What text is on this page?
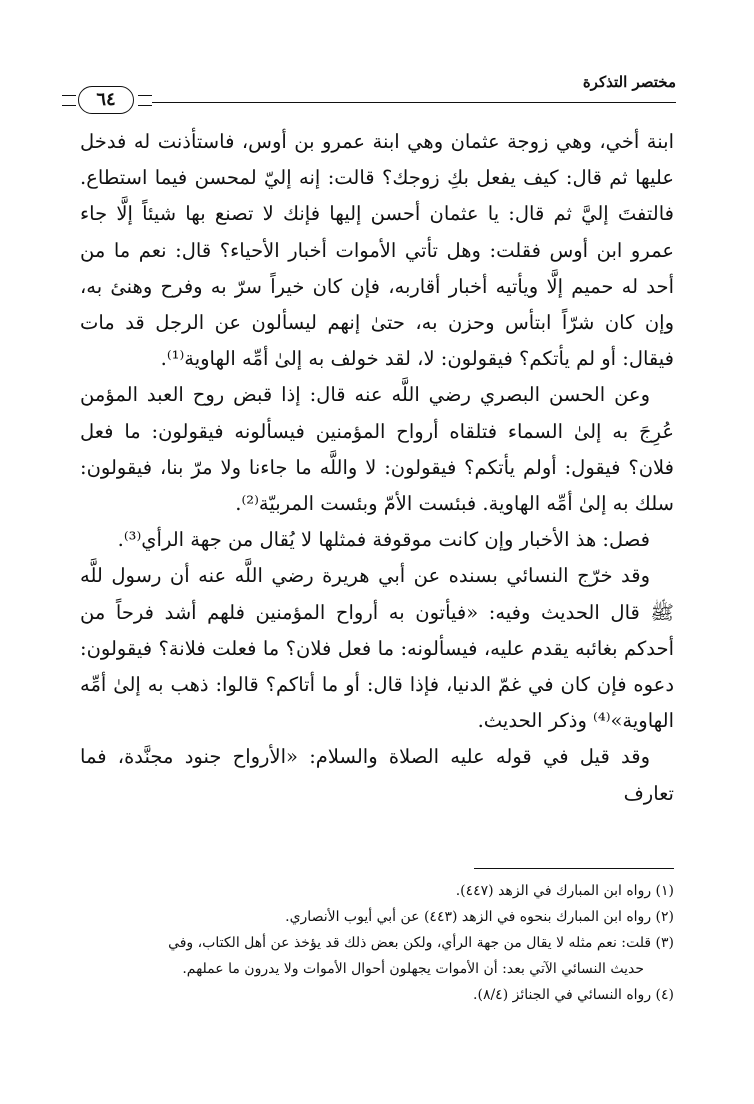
مختصر التذكرة
٦٤

ابنة أخي، وهي زوجة عثمان وهي ابنة عمرو بن أوس، فاستأذنت له فدخل عليها ثم قال: كيف يفعل بكِ زوجك؟ قالت: إنه إليّ لمحسن فيما استطاع. فالتفتَ إليَّ ثم قال: يا عثمان أحسن إليها فإنك لا تصنع بها شيئاً إلَّا جاء عمرو ابن أوس فقلت: وهل تأتي الأموات أخبار الأحياء؟ قال: نعم ما من أحد له حميم إلَّا ويأتيه أخبار أقاربه، فإن كان خيراً سرّ به وفرح وهنئ به، وإن كان شرّاً ابتأس وحزن به، حتىٰ إنهم ليسألون عن الرجل قد مات فيقال: أو لم يأتكم؟ فيقولون: لا، لقد خولف به إلىٰ أمِّه الهاوية⁽¹⁾.

وعن الحسن البصري رضي اللَّه عنه قال: إذا قبض روح العبد المؤمن عُرِجَ به إلىٰ السماء فتلقاه أرواح المؤمنين فيسألونه فيقولون: ما فعل فلان؟ فيقول: أولم يأتكم؟ فيقولون: لا واللَّه ما جاءنا ولا مرّ بنا، فيقولون: سلك به إلىٰ أمِّه الهاوية. فبئست الأمّ وبئست المربيّة⁽²⁾.

فصل: هذ الأخبار وإن كانت موقوفة فمثلها لا يُقال من جهة الرأي⁽³⁾.

وقد خرّج النسائي بسنده عن أبي هريرة رضي اللَّه عنه أن رسول للَّه ﷺ قال الحديث وفيه: «فيأتون به أرواح المؤمنين فلهم أشد فرحاً من أحدكم بغائبه يقدم عليه، فيسألونه: ما فعل فلان؟ ما فعلت فلانة؟ فيقولون: دعوه فإن كان في غمّ الدنيا، فإذا قال: أو ما أتاكم؟ قالوا: ذهب به إلىٰ أمِّه الهاوية»⁽⁴⁾ وذكر الحديث.

وقد قيل في قوله عليه الصلاة والسلام: «الأرواح جنود مجنَّدة، فما تعارف

(١) رواه ابن المبارك في الزهد (٤٤٧).

(٢) رواه ابن المبارك بنحوه في الزهد (٤٤٣) عن أبي أيوب الأنصاري.

(٣) قلت: نعم مثله لا يقال من جهة الرأي، ولكن بعض ذلك قد يؤخذ عن أهل الكتاب، وفي

حديث النسائي الآتي بعد: أن الأموات يجهلون أحوال الأموات ولا يدرون ما عملهم.

(٤) رواه النسائي في الجنائز (٨/٤).
